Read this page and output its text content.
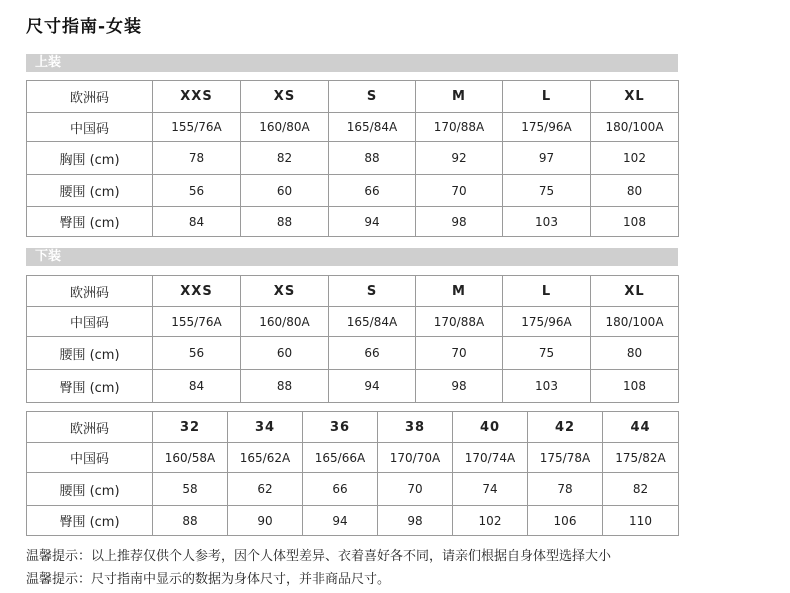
尺寸指南-女装
上装
欧洲码	XXS	XS	S	M	L	XL
中国码	155/76A	160/80A	165/84A	170/88A	175/96A	180/100A
胸围 (cm)	78	82	88	92	97	102
腰围 (cm)	56	60	66	70	75	80
臀围 (cm)	84	88	94	98	103	108
下装
欧洲码	XXS	XS	S	M	L	XL
中国码	155/76A	160/80A	165/84A	170/88A	175/96A	180/100A
腰围 (cm)	56	60	66	70	75	80
臀围 (cm)	84	88	94	98	103	108
欧洲码	32	34	36	38	40	42	44
中国码	160/58A	165/62A	165/66A	170/70A	170/74A	175/78A	175/82A
腰围 (cm)	58	62	66	70	74	78	82
臀围 (cm)	88	90	94	98	102	106	110
温馨提示：以上推荐仅供个人参考，因个人体型差异、衣着喜好各不同，请亲们根据自身体型选择大小
温馨提示：尺寸指南中显示的数据为身体尺寸，并非商品尺寸。
